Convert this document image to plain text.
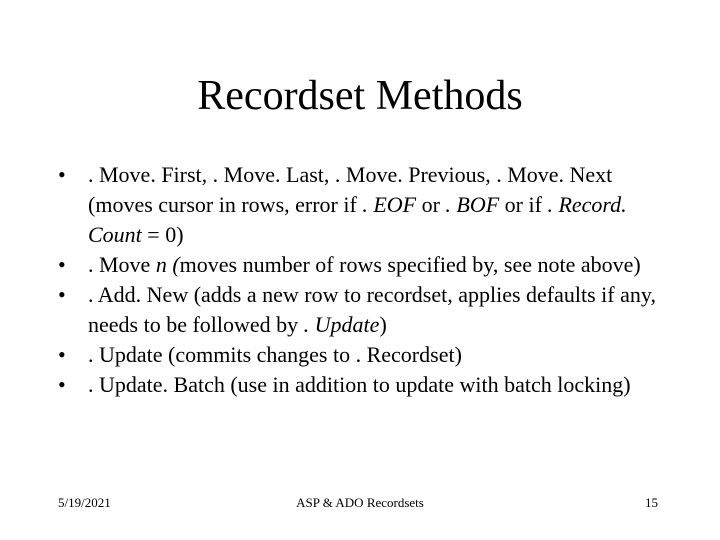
Recordset Methods
•	. Move. First, . Move. Last, . Move. Previous, . Move. Next (moves cursor in rows, error if . EOF or . BOF or if . Record. Count = 0)
•	. Move n (moves number of rows specified by, see note above)
•	. Add. New (adds a new row to recordset, applies defaults if any, needs to be followed by . Update)
•	. Update (commits changes to . Recordset)
•	. Update. Batch (use in addition to update with batch locking)
5/19/2021	ASP & ADO Recordsets	15
